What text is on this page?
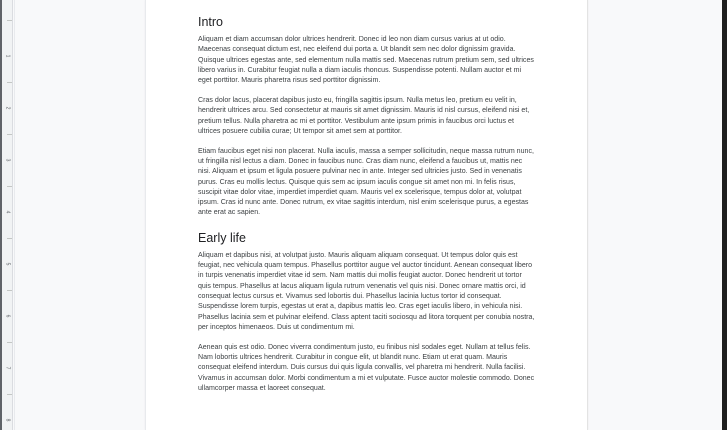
1
2
3
4
5
6
7
8
Intro

Aliquam et diam accumsan dolor ultrices hendrerit. Donec id leo non diam cursus varius at ut odio. Maecenas consequat dictum est, nec eleifend dui porta a. Ut blandit sem nec dolor dignissim gravida. Quisque ultrices egestas ante, sed elementum nulla mattis sed. Maecenas rutrum pretium sem, sed ultrices libero varius in. Curabitur feugiat nulla a diam iaculis rhoncus. Suspendisse potenti. Nullam auctor et mi eget porttitor. Mauris pharetra risus sed porttitor dignissim.

Cras dolor lacus, placerat dapibus justo eu, fringilla sagittis ipsum. Nulla metus leo, pretium eu velit in, hendrerit ultrices arcu. Sed consectetur at mauris sit amet dignissim. Mauris id nisl cursus, eleifend nisi et, pretium tellus. Nulla pharetra ac mi et porttitor. Vestibulum ante ipsum primis in faucibus orci luctus et ultrices posuere cubilia curae; Ut tempor sit amet sem at porttitor.

Etiam faucibus eget nisi non placerat. Nulla iaculis, massa a semper sollicitudin, neque massa rutrum nunc, ut fringilla nisl lectus a diam. Donec in faucibus nunc. Cras diam nunc, eleifend a faucibus ut, mattis nec nisi. Aliquam et ipsum et ligula posuere pulvinar nec in ante. Integer sed ultricies justo. Sed in venenatis purus. Cras eu mollis lectus. Quisque quis sem ac ipsum iaculis congue sit amet non mi. In felis risus, suscipit vitae dolor vitae, imperdiet imperdiet quam. Mauris vel ex scelerisque, tempus dolor at, volutpat ipsum. Cras id nunc ante. Donec rutrum, ex vitae sagittis interdum, nisl enim scelerisque purus, a egestas ante erat ac sapien.

Early life

Aliquam et dapibus nisi, at volutpat justo. Mauris aliquam aliquam consequat. Ut tempus dolor quis est feugiat, nec vehicula quam tempus. Phasellus porttitor augue vel auctor tincidunt. Aenean consequat libero in turpis venenatis imperdiet vitae id sem. Nam mattis dui mollis feugiat auctor. Donec hendrerit ut tortor quis tempus. Phasellus at lacus aliquam ligula rutrum venenatis vel quis nisi. Donec ornare mattis orci, id consequat lectus cursus et. Vivamus sed lobortis dui. Phasellus lacinia luctus tortor id consequat. Suspendisse lorem turpis, egestas ut erat a, dapibus mattis leo. Cras eget iaculis libero, in vehicula nisi. Phasellus lacinia sem et pulvinar eleifend. Class aptent taciti sociosqu ad litora torquent per conubia nostra, per inceptos himenaeos. Duis ut condimentum mi.

Aenean quis est odio. Donec viverra condimentum justo, eu finibus nisl sodales eget. Nullam at tellus felis. Nam lobortis ultrices hendrerit. Curabitur in congue elit, ut blandit nunc. Etiam ut erat quam. Mauris consequat eleifend interdum. Duis cursus dui quis ligula convallis, vel pharetra mi hendrerit. Nulla facilisi. Vivamus in accumsan dolor. Morbi condimentum a mi et vulputate. Fusce auctor molestie commodo. Donec ullamcorper massa et laoreet consequat.
